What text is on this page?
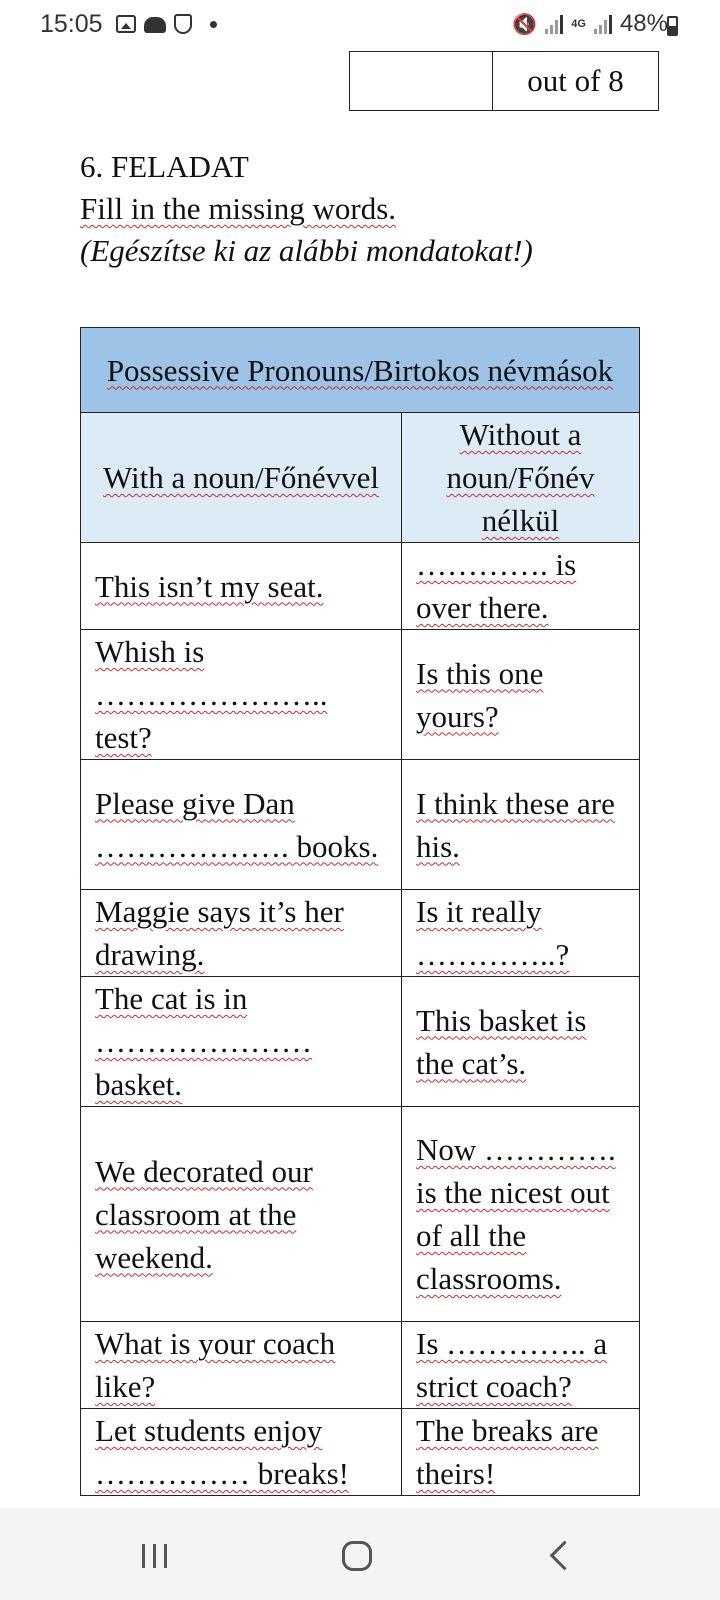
15:05	🔇	4G 48%
out of 8
6. FELADAT
Fill in the missing words.
(Egészítse ki az alábbi mondatokat!)
Possessive Pronouns/Birtokos névmások	
With a noun/Főnévvel	Without a noun/Főnév nélkül
This isn’t my seat.	…………. is over there.
Whish is ………………….. test?	Is this one yours?
Please give Dan ………………. books.	I think these are his.
Maggie says it’s her drawing.	Is it really …………..?
The cat is in ………………… basket.	This basket is the cat’s.
We decorated our classroom at the weekend.	Now …………. is the nicest out of all the classrooms.
What is your coach like?	Is ………….. a strict coach?
Let students enjoy …………… breaks!	The breaks are theirs!
